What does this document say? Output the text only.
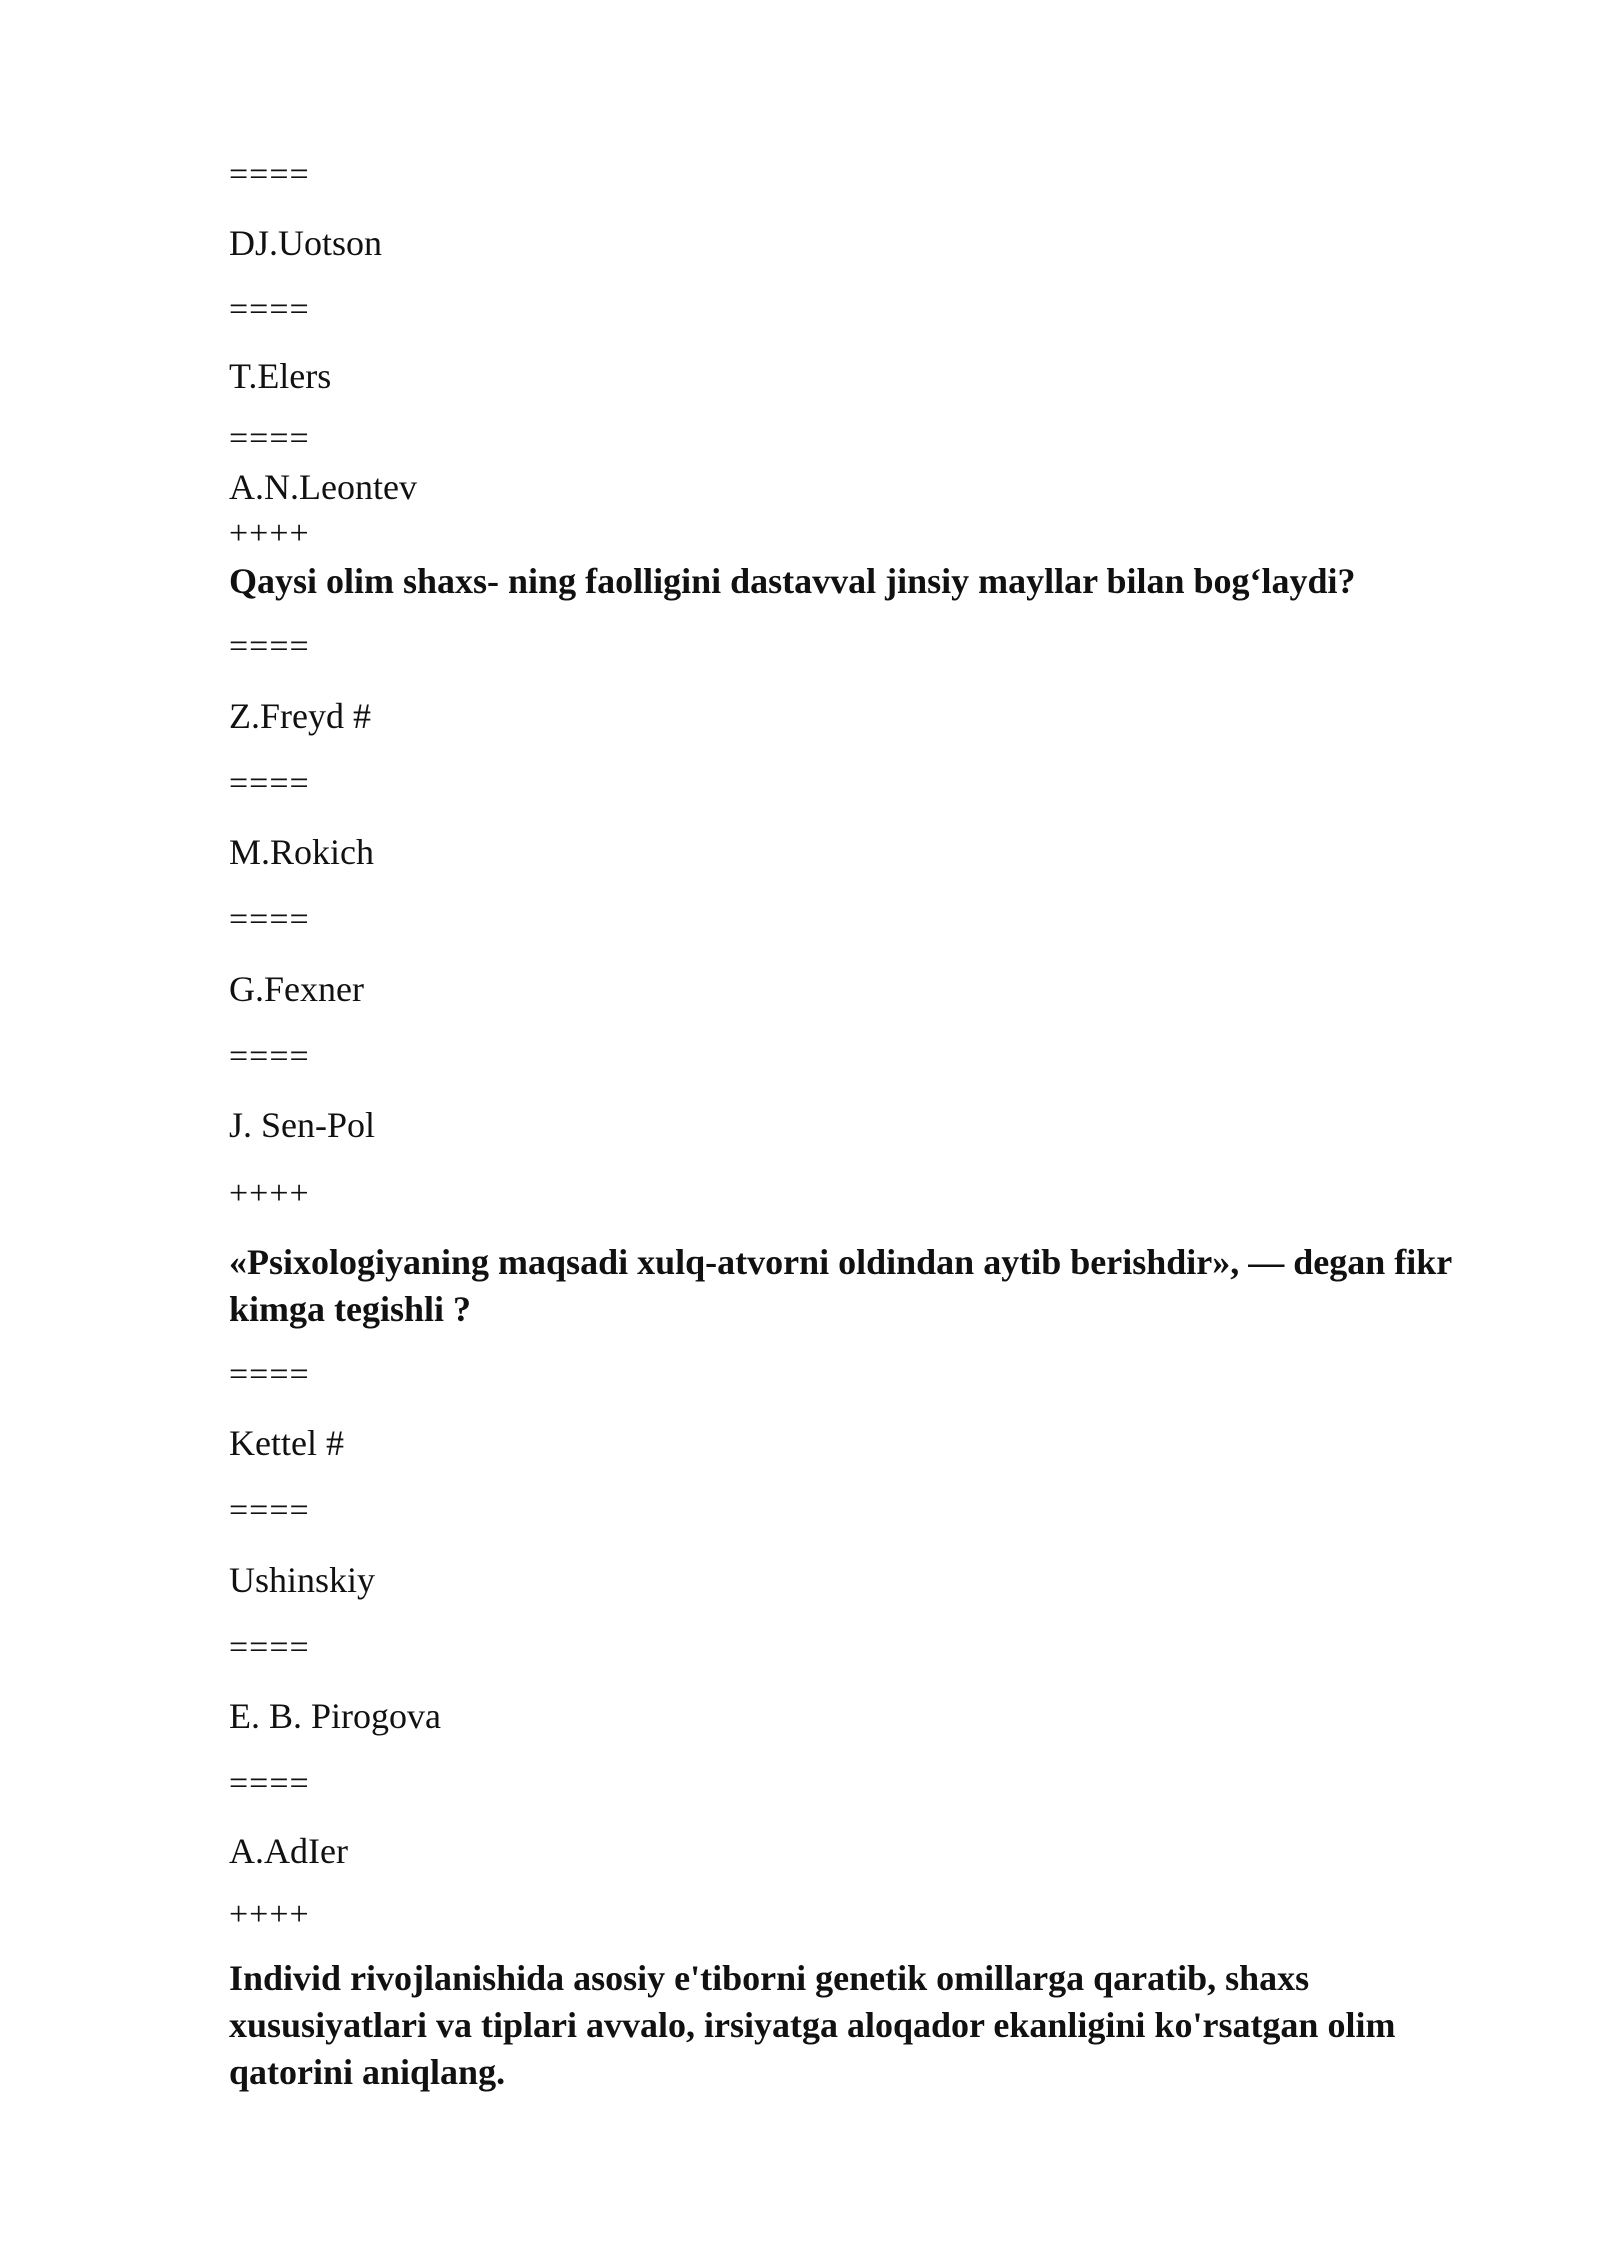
====
DJ.Uotson
====
T.Elers
====
A.N.Leontev
++++
Qaysi olim shaxs- ning faolligini dastavval jinsiy mayllar bilan bog‘laydi?
====
Z.Freyd #
====
M.Rokich
====
G.Fexner
====
J. Sen-Pol
++++
«Psixologiyaning maqsadi xulq-atvorni oldindan aytib berishdir», — degan fikr kimga tegishli ?
====
Kettel #
====
Ushinskiy
====
E. B. Pirogova
====
A.AdIer
++++
Individ rivojlanishida asosiy e'tiborni genetik omillarga qaratib, shaxs xususiyatlari va tiplari avvalo, irsiyatga aloqador ekanligini ko'rsatgan olim qatorini aniqlang.
